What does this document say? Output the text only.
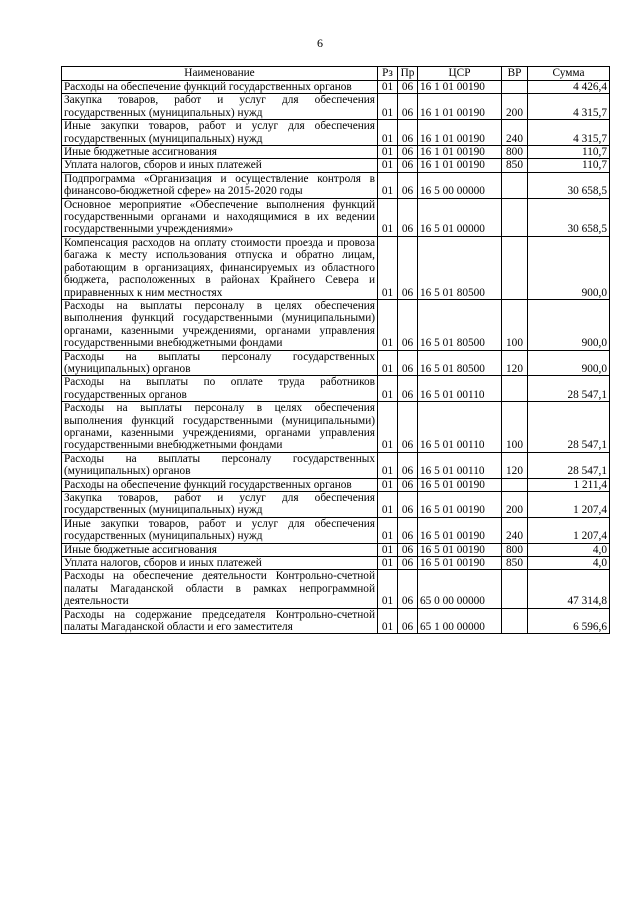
6
Наименование	Рз	Пр	ЦСР	ВР	Сумма
Расходы на обеспечение функций государственных органов	01	06	16 1 01 00190		4 426,4
Закупка товаров, работ и услуг для обеспечения государственных (муниципальных) нужд	01	06	16 1 01 00190	200	4 315,7
Иные закупки товаров, работ и услуг для обеспечения государственных (муниципальных) нужд	01	06	16 1 01 00190	240	4 315,7
Иные бюджетные ассигнования	01	06	16 1 01 00190	800	110,7
Уплата налогов, сборов и иных платежей	01	06	16 1 01 00190	850	110,7
Подпрограмма «Организация и осуществление контроля в финансово-бюджетной сфере» на 2015-2020 годы	01	06	16 5 00 00000		30 658,5
Основное мероприятие «Обеспечение выполнения функций государственными органами и находящимися в их ведении государственными учреждениями»	01	06	16 5 01 00000		30 658,5
Компенсация расходов на оплату стоимости проезда и провоза багажа к месту использования отпуска и обратно лицам, работающим в организациях, финансируемых из областного бюджета, расположенных в районах Крайнего Севера и приравненных к ним местностях	01	06	16 5 01 80500		900,0
Расходы на выплаты персоналу в целях обеспечения выполнения функций государственными (муниципальными) органами, казенными учреждениями, органами управления государственными внебюджетными фондами	01	06	16 5 01 80500	100	900,0
Расходы на выплаты персоналу государственных (муниципальных) органов	01	06	16 5 01 80500	120	900,0
Расходы на выплаты по оплате труда работников государственных органов	01	06	16 5 01 00110		28 547,1
Расходы на выплаты персоналу в целях обеспечения выполнения функций государственными (муниципальными) органами, казенными учреждениями, органами управления государственными внебюджетными фондами	01	06	16 5 01 00110	100	28 547,1
Расходы на выплаты персоналу государственных (муниципальных) органов	01	06	16 5 01 00110	120	28 547,1
Расходы на обеспечение функций государственных органов	01	06	16 5 01 00190		1 211,4
Закупка товаров, работ и услуг для обеспечения государственных (муниципальных) нужд	01	06	16 5 01 00190	200	1 207,4
Иные закупки товаров, работ и услуг для обеспечения государственных (муниципальных) нужд	01	06	16 5 01 00190	240	1 207,4
Иные бюджетные ассигнования	01	06	16 5 01 00190	800	4,0
Уплата налогов, сборов и иных платежей	01	06	16 5 01 00190	850	4,0
Расходы на обеспечение деятельности Контрольно-счетной палаты Магаданской области в рамках непрограммной деятельности	01	06	65 0 00 00000		47 314,8
Расходы на содержание председателя Контрольно-счетной палаты Магаданской области и его заместителя	01	06	65 1 00 00000		6 596,6
